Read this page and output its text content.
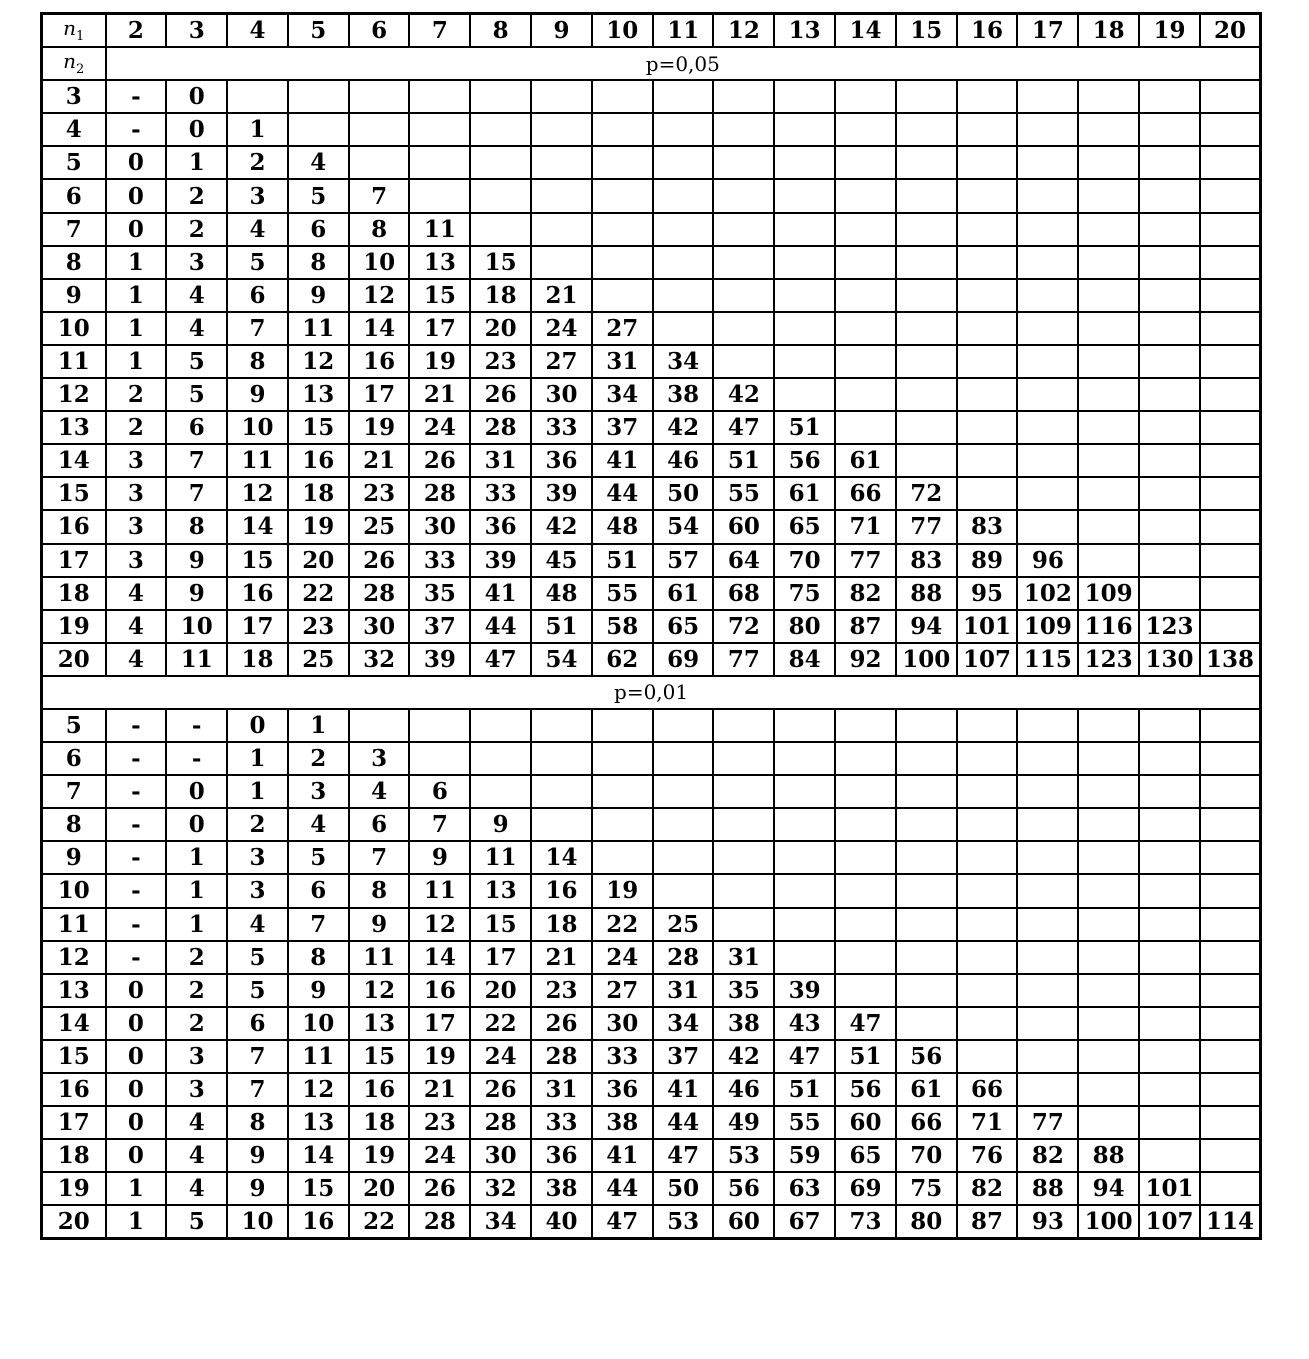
$n_1$	2	3	4	5	6	7	8	9	10	11	12	13	14	15	16	17	18	19	20
$n_2$	p=0,05																		
3	-	0																	
4	-	0	1																
5	0	1	2	4															
6	0	2	3	5	7														
7	0	2	4	6	8	11													
8	1	3	5	8	10	13	15												
9	1	4	6	9	12	15	18	21											
10	1	4	7	11	14	17	20	24	27										
11	1	5	8	12	16	19	23	27	31	34									
12	2	5	9	13	17	21	26	30	34	38	42								
13	2	6	10	15	19	24	28	33	37	42	47	51							
14	3	7	11	16	21	26	31	36	41	46	51	56	61						
15	3	7	12	18	23	28	33	39	44	50	55	61	66	72					
16	3	8	14	19	25	30	36	42	48	54	60	65	71	77	83				
17	3	9	15	20	26	33	39	45	51	57	64	70	77	83	89	96			
18	4	9	16	22	28	35	41	48	55	61	68	75	82	88	95	102	109		
19	4	10	17	23	30	37	44	51	58	65	72	80	87	94	101	109	116	123	
20	4	11	18	25	32	39	47	54	62	69	77	84	92	100	107	115	123	130	138
p=0,01																			
5	-	-	0	1															
6	-	-	1	2	3														
7	-	0	1	3	4	6													
8	-	0	2	4	6	7	9												
9	-	1	3	5	7	9	11	14											
10	-	1	3	6	8	11	13	16	19										
11	-	1	4	7	9	12	15	18	22	25									
12	-	2	5	8	11	14	17	21	24	28	31								
13	0	2	5	9	12	16	20	23	27	31	35	39							
14	0	2	6	10	13	17	22	26	30	34	38	43	47						
15	0	3	7	11	15	19	24	28	33	37	42	47	51	56					
16	0	3	7	12	16	21	26	31	36	41	46	51	56	61	66				
17	0	4	8	13	18	23	28	33	38	44	49	55	60	66	71	77			
18	0	4	9	14	19	24	30	36	41	47	53	59	65	70	76	82	88		
19	1	4	9	15	20	26	32	38	44	50	56	63	69	75	82	88	94	101	
20	1	5	10	16	22	28	34	40	47	53	60	67	73	80	87	93	100	107	114
